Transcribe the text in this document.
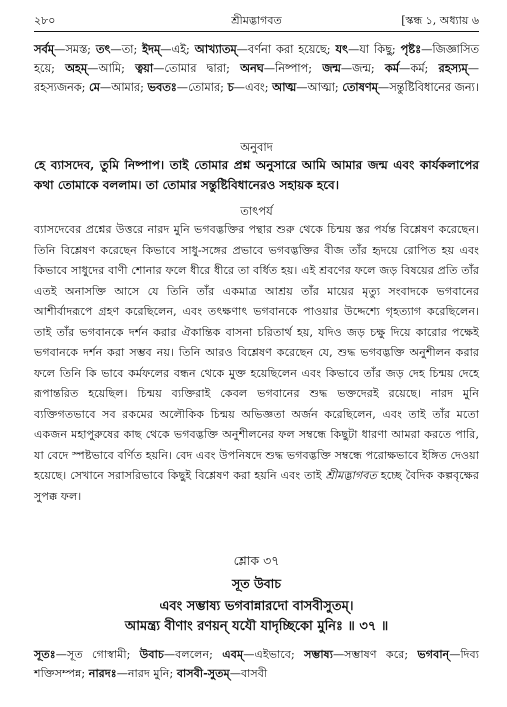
২৮০	শ্রীমদ্ভাগবত	[স্কন্ধ ১, অধ্যায় ৬
সর্বম্—সমস্ত; তৎ—তা; ইদম্—এই; আখ্যাতম্—বর্ণনা করা হয়েছে; যৎ—যা কিছু; পৃষ্টঃ—জিজ্ঞাসিত হয়ে; অহম্—আমি; ত্বয়া—তোমার দ্বারা; অনঘ—নিষ্পাপ; জন্ম—জন্ম; কর্ম—কর্ম; রহস্যম্—রহস্যজনক; মে—আমার; ভবতঃ—তোমার; চ—এবং; আত্ম—আত্মা; তোষণম্—সন্তুষ্টিবিধানের জন্য।
অনুবাদ
হে ব্যাসদেব, তুমি নিষ্পাপ। তাই তোমার প্রশ্ন অনুসারে আমি আমার জন্ম এবং কার্যকলাপের কথা তোমাকে বললাম। তা তোমার সন্তুষ্টিবিধানেরও সহায়ক হবে।
তাৎপর্য
ব্যাসদেবের প্রশ্নের উত্তরে নারদ মুনি ভগবদ্ভক্তির পন্থার শুরু থেকে চিন্ময় স্তর পর্যন্ত বিশ্লেষণ করেছেন। তিনি বিশ্লেষণ করেছেন কিভাবে সাধু-সঙ্গের প্রভাবে ভগবদ্ভক্তির বীজ তাঁর হৃদয়ে রোপিত হয় এবং কিভাবে সাধুদের বাণী শোনার ফলে ধীরে ধীরে তা বর্ধিত হয়। এই শ্রবণের ফলে জড় বিষয়ের প্রতি তাঁর এতই অনাসক্তি আসে যে তিনি তাঁর একমাত্র আশ্রয় তাঁর মায়ের মৃত্যু সংবাদকে ভগবানের আশীর্বাদরূপে গ্রহণ করেছিলেন, এবং তৎক্ষণাৎ ভগবানকে পাওয়ার উদ্দেশ্যে গৃহত্যাগ করেছিলেন। তাই তাঁর ভগবানকে দর্শন করার ঐকান্তিক বাসনা চরিতার্থ হয়, যদিও জড় চক্ষু দিয়ে কারোর পক্ষেই ভগবানকে দর্শন করা সম্ভব নয়। তিনি আরও বিশ্লেষণ করেছেন যে, শুদ্ধ ভগবদ্ভক্তি অনুশীলন করার ফলে তিনি কি ভাবে কর্মফলের বন্ধন থেকে মুক্ত হয়েছিলেন এবং কিভাবে তাঁর জড় দেহ চিন্ময় দেহে রূপান্তরিত হয়েছিল। চিন্ময় ব্যক্তিরাই কেবল ভগবানের শুদ্ধ ভক্তদেরই রয়েছে। নারদ মুনি ব্যক্তিগতভাবে সব রকমের অলৌকিক চিন্ময় অভিজ্ঞতা অর্জন করেছিলেন, এবং তাই তাঁর মতো একজন মহাপুরুষের কাছ থেকে ভগবদ্ভক্তি অনুশীলনের ফল সম্বন্ধে কিছুটা ধারণা আমরা করতে পারি, যা বেদে স্পষ্টভাবে বর্ণিত হয়নি। বেদ এবং উপনিষদে শুদ্ধ ভগবদ্ভক্তি সম্বন্ধে পরোক্ষভাবে ইঙ্গিত দেওয়া হয়েছে। সেখানে সরাসরিভাবে কিছুই বিশ্লেষণ করা হয়নি এবং তাই শ্রীমদ্ভাগবত হচ্ছে বৈদিক কল্পবৃক্ষের সুপক্ক ফল।
শ্লোক ৩৭
সূত উবাচ
এবং সম্ভাষ্য ভগবান্নারদো বাসবীসুতম্।
আমন্ত্র্য বীণাং রণয়ন্ যযৌ যাদৃচ্ছিকো মুনিঃ ॥ ৩৭ ॥
সূতঃ—সূত গোস্বামী; উবাচ—বললেন; এবম্—এইভাবে; সম্ভাষ্য—সম্ভাষণ করে; ভগবান্—দিব্য শক্তিসম্পন্ন; নারদঃ—নারদ মুনি; বাসবী-সুতম্—বাসবী
